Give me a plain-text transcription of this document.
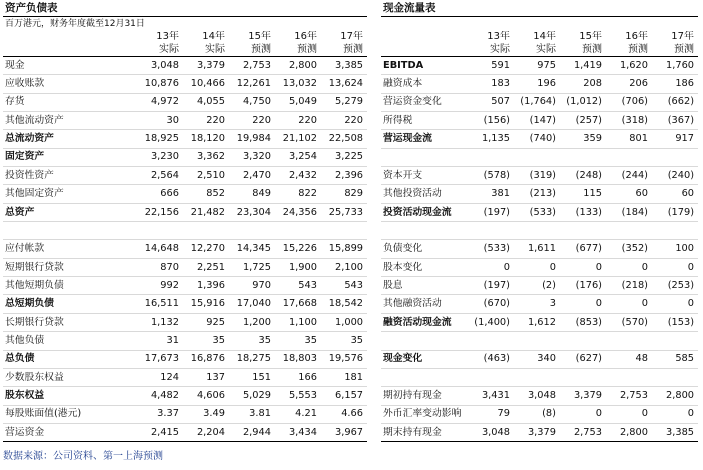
资产负债表					
百万港元，财务年度截至12月31日					
	13年	14年	15年	16年	17年
	实际	实际	预测	预测	预测
现金	3,048	3,379	2,753	2,800	3,385
应收账款	10,876	10,466	12,261	13,032	13,624
存货	4,972	4,055	4,750	5,049	5,279
其他流动资产	30	220	220	220	220
总流动资产	18,925	18,120	19,984	21,102	22,508
固定资产	3,230	3,362	3,320	3,254	3,225
投资性资产	2,564	2,510	2,470	2,432	2,396
其他固定资产	666	852	849	822	829
总资产	22,156	21,482	23,304	24,356	25,733

应付帐款	14,648	12,270	14,345	15,226	15,899
短期银行贷款	870	2,251	1,725	1,900	2,100
其他短期负债	992	1,396	970	543	543
总短期负债	16,511	15,916	17,040	17,668	18,542
长期银行贷款	1,132	925	1,200	1,100	1,000
其他负债	31	35	35	35	35
总负债	17,673	16,876	18,275	18,803	19,576
少数股东权益	124	137	151	166	181
股东权益	4,482	4,606	5,029	5,553	6,157
每股账面值(港元)	3.37	3.49	3.81	4.21	4.66
营运资金	2,415	2,204	2,944	3,434	3,967
现金流量表					

	13年	14年	15年	16年	17年
	实际	实际	预测	预测	预测
EBITDA	591	975	1,419	1,620	1,760
融资成本	183	196	208	206	186
营运资金变化	507	(1,764)	(1,012)	(706)	(662)
所得税	(156)	(147)	(257)	(318)	(367)
营运现金流	1,135	(740)	359	801	917

资本开支	(578)	(319)	(248)	(244)	(240)
其他投资活动	381	(213)	115	60	60
投资活动现金流	(197)	(533)	(133)	(184)	(179)

负债变化	(533)	1,611	(677)	(352)	100
股本变化	0	0	0	0	0
股息	(197)	(2)	(176)	(218)	(253)
其他融资活动	(670)	3	0	0	0
融资活动现金流	(1,400)	1,612	(853)	(570)	(153)

现金变化	(463)	340	(627)	48	585

期初持有现金	3,431	3,048	3,379	2,753	2,800
外币汇率变动影响	79	(8)	0	0	0
期末持有现金	3,048	3,379	2,753	2,800	3,385
数据来源：公司资料、第一上海预测
